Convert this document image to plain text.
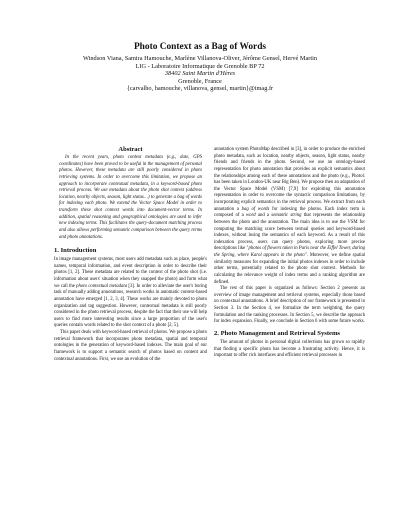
Photo Context as a Bag of Words
Windson Viana, Samira Hamouche, Marlène Villanova-Oliver, Jérôme Gensel, Hervé Martin
LIG - Laboratoire Informatique de Grenoble BP 72
38402 Saint Martin d'Hères
Grenoble, France
{carvalho, hamouche, villanova, gensel, martin}@imag.fr
Abstract

In the recent years, photo context metadata (e.g., date, GPS coordinates) have been proved to be useful in the management of personal photos. However, these metadata are still poorly considered in photo retrieving systems. In order to overcome this limitation, we propose an approach to incorporate contextual metadata, in a keyword-based photo retrieval process. We use metadata about the photo shot context (address location, nearby objects, season, light status…) to generate a bag of words for indexing each photo. We extend the Vector Space Model in order to transform these shot context words into document-vector terms. In addition, spatial reasoning and geographical ontologies are used to infer new indexing terms. This facilitates the query-document matching process and also allows performing semantic comparison between the query terms and photo annotations.

1. Introduction

In image management systems, most users add metadata such as place, people's names, temporal information, and event description in order to describe their photos [1, 2]. These metadata are related to the context of the photo shot (i.e. information about users' situation when they snapped the photo) and form what we call the photo contextual metadata [3]. In order to alleviate the user's boring task of manually adding annotations, research works in automatic context-based annotation have emerged [1, 2, 3, 4]. These works are mainly devoted to photo organization and tag suggestion. However, contextual metadata is still poorly considered in the photo retrieval process, despite the fact that their use will help users to find more interesting results since a large proportion of the user's queries contain words related to the shot context of a photo [2, 5].

This paper deals with keyword-based retrieval of photos. We propose a photo retrieval framework that incorporates photo metadata, spatial and temporal ontologies in the generation of keyword-based indexes. The main goal of our framework is to support a semantic search of photos based on content and contextual annotations. First, we use an evolution of the

annotation system PhotoMap described in [3], in order to produce the enriched photo metadata, such as location, nearby objects, season, light status, nearby friends and friends in the photo. Second, we use an ontology-based representation for photo annotation that provides an explicit semantics about the relationships among each of these annotations and the photo (e.g., Photo1 has been taken in London-UK near Big Ben). We propose then an adaptation of the Vector Space Model (VSM) [7,9] for exploiting this annotation representation in order to overcome the syntactic comparison limitations, by incorporating explicit semantics in the retrieval process. We extract from each annotation a bag of words for indexing the photos. Each index term is composed of a word and a semantic string that represents the relationship between the photo and the annotation. The main idea is to use the VSM for computing the matching score between textual queries and keyword-based indexes, without losing the semantics of each keyword. As a result of this indexation process, users can query photos, exploring more precise descriptions like "photos of flowers taken in Paris near the Eiffel Tower, during the Spring, where Karol appears in the photo". Moreover, we define spatial similarity measures for expanding the initial photos indexes in order to include other terms, potentially related to the photo shot context. Methods for calculating the relevance weight of index terms and a ranking algorithm are defined.

The rest of this paper is organized as follows: Section 2 presents an overview of image management and retrieval systems, especially those based on contextual annotations. A brief description of our framework is presented in Section 3. In the Section 4, we formalize the term weighting, the query formulation and the ranking processes. In Section 5, we describe the approach for index expansion. Finally, we conclude in Section 6 with some future works.

2. Photo Management and Retrieval Systems

The amount of photos in personal digital collections has grown so rapidly that finding a specific photo has become a frustrating activity. Hence, it is important to offer rich interfaces and efficient retrieval processes in
